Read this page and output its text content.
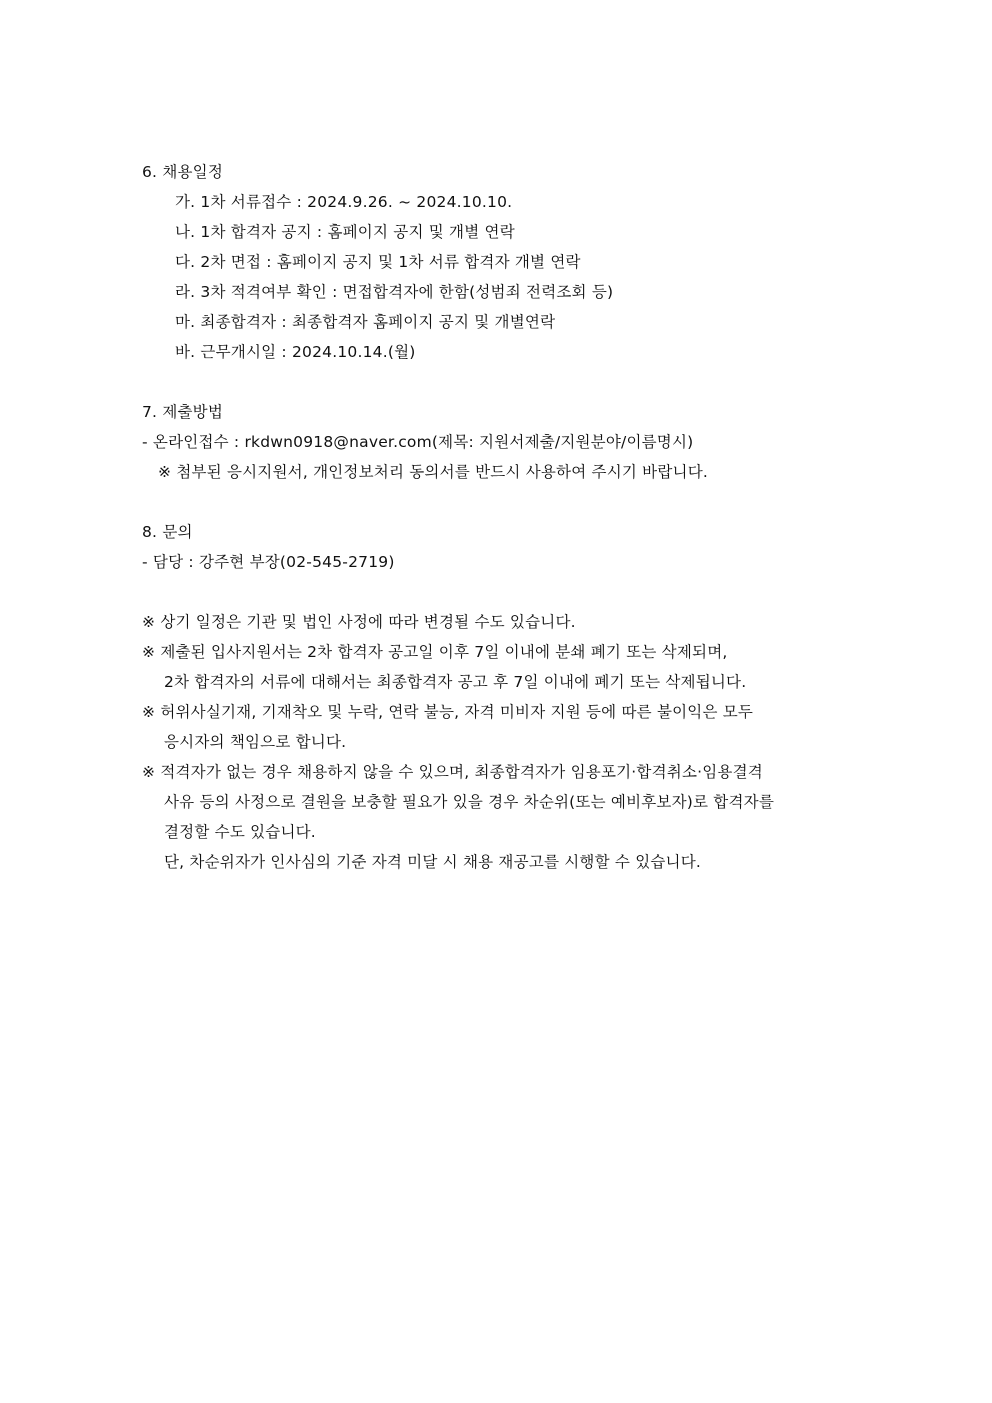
6. 채용일정
가. 1차 서류접수 : 2024.9.26. ~ 2024.10.10.
나. 1차 합격자 공지 : 홈페이지 공지 및 개별 연락
다. 2차 면접 : 홈페이지 공지 및 1차 서류 합격자 개별 연락
라. 3차 적격여부 확인 : 면접합격자에 한함(성범죄 전력조회 등)
마. 최종합격자 : 최종합격자 홈페이지 공지 및 개별연락
바. 근무개시일 : 2024.10.14.(월)
7. 제출방법
- 온라인접수 : rkdwn0918@naver.com(제목: 지원서제출/지원분야/이름명시)
※ 첨부된 응시지원서, 개인정보처리 동의서를 반드시 사용하여 주시기 바랍니다.
8. 문의
- 담당 : 강주현 부장(02-545-2719)
※ 상기 일정은 기관 및 법인 사정에 따라 변경될 수도 있습니다.
※ 제출된 입사지원서는 2차 합격자 공고일 이후 7일 이내에 분쇄 폐기 또는 삭제되며,
2차 합격자의 서류에 대해서는 최종합격자 공고 후 7일 이내에 폐기 또는 삭제됩니다.
※ 허위사실기재, 기재착오 및 누락, 연락 불능, 자격 미비자 지원 등에 따른 불이익은 모두
응시자의 책임으로 합니다.
※ 적격자가 없는 경우 채용하지 않을 수 있으며, 최종합격자가 임용포기·합격취소·임용결격
사유 등의 사정으로 결원을 보충할 필요가 있을 경우 차순위(또는 예비후보자)로 합격자를
결정할 수도 있습니다.
단, 차순위자가 인사심의 기준 자격 미달 시 채용 재공고를 시행할 수 있습니다.
